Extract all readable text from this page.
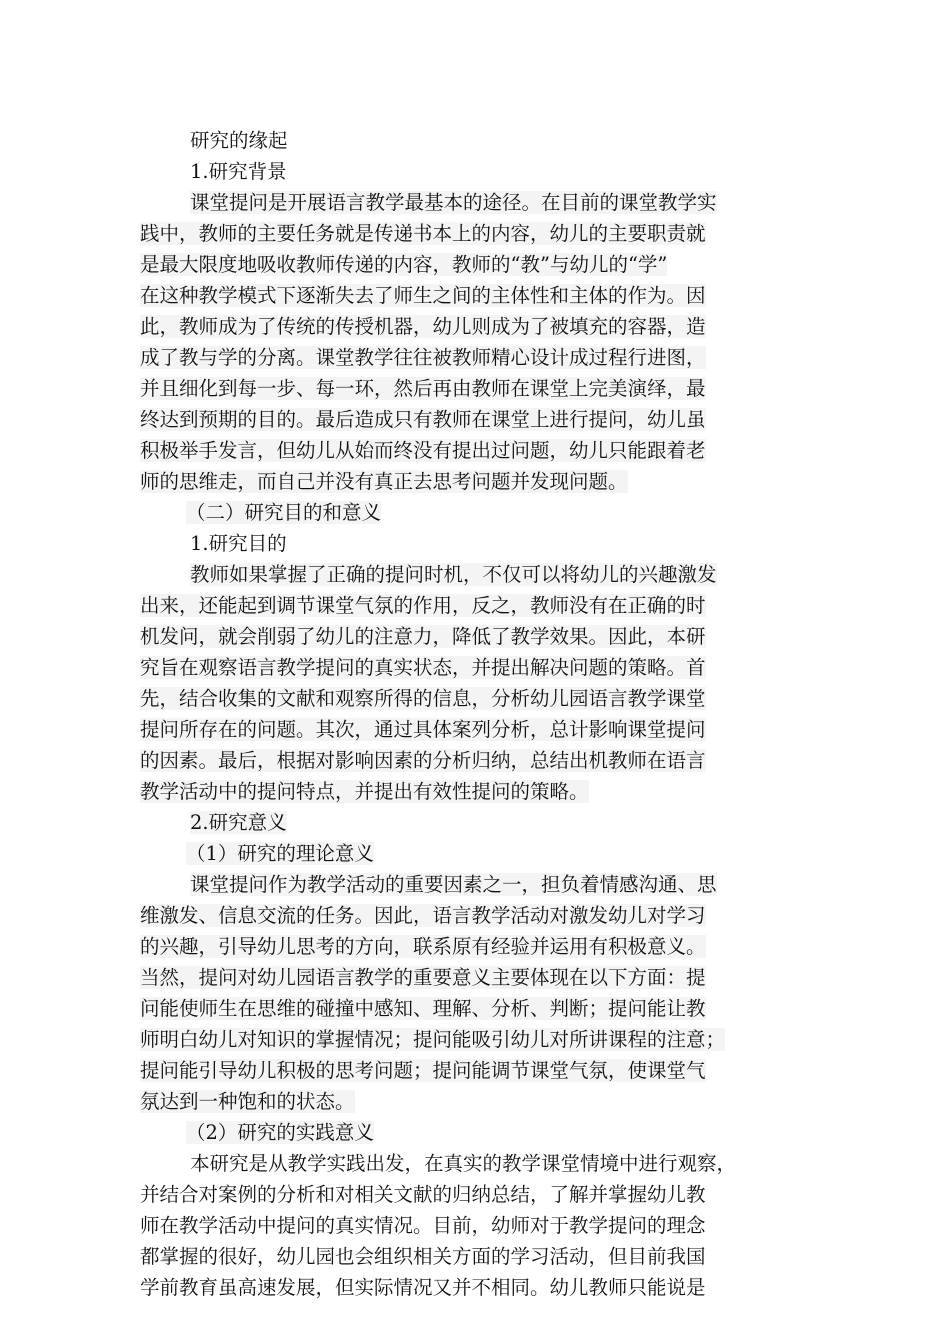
研究的缘起
1.研究背景
课堂提问是开展语言教学最基本的途径。在目前的课堂教学实
践中，教师的主要任务就是传递书本上的内容，幼儿的主要职责就
是最大限度地吸收教师传递的内容，教师的“教”与幼儿的“学”
在这种教学模式下逐渐失去了师生之间的主体性和主体的作为。因
此，教师成为了传统的传授机器，幼儿则成为了被填充的容器，造
成了教与学的分离。课堂教学往往被教师精心设计成过程行进图，
并且细化到每一步、每一环，然后再由教师在课堂上完美演绎，最
终达到预期的目的。最后造成只有教师在课堂上进行提问，幼儿虽
积极举手发言，但幼儿从始而终没有提出过问题，幼儿只能跟着老
师的思维走，而自己并没有真正去思考问题并发现问题。
（二）研究目的和意义
1.研究目的
教师如果掌握了正确的提问时机，不仅可以将幼儿的兴趣激发
出来，还能起到调节课堂气氛的作用，反之，教师没有在正确的时
机发问，就会削弱了幼儿的注意力，降低了教学效果。因此，本研
究旨在观察语言教学提问的真实状态，并提出解决问题的策略。首
先，结合收集的文献和观察所得的信息，分析幼儿园语言教学课堂
提问所存在的问题。其次，通过具体案列分析，总计影响课堂提问
的因素。最后，根据对影响因素的分析归纳，总结出机教师在语言
教学活动中的提问特点，并提出有效性提问的策略。
2.研究意义
（1）研究的理论意义
课堂提问作为教学活动的重要因素之一，担负着情感沟通、思
维激发、信息交流的任务。因此，语言教学活动对激发幼儿对学习
的兴趣，引导幼儿思考的方向，联系原有经验并运用有积极意义。
当然，提问对幼儿园语言教学的重要意义主要体现在以下方面：提
问能使师生在思维的碰撞中感知、理解、分析、判断；提问能让教
师明白幼儿对知识的掌握情况；提问能吸引幼儿对所讲课程的注意；
提问能引导幼儿积极的思考问题；提问能调节课堂气氛，使课堂气
氛达到一种饱和的状态。
（2）研究的实践意义
本研究是从教学实践出发，在真实的教学课堂情境中进行观察，
并结合对案例的分析和对相关文献的归纳总结，了解并掌握幼儿教
师在教学活动中提问的真实情况。目前，幼师对于教学提问的理念
都掌握的很好，幼儿园也会组织相关方面的学习活动，但目前我国
学前教育虽高速发展，但实际情况又并不相同。幼儿教师只能说是
